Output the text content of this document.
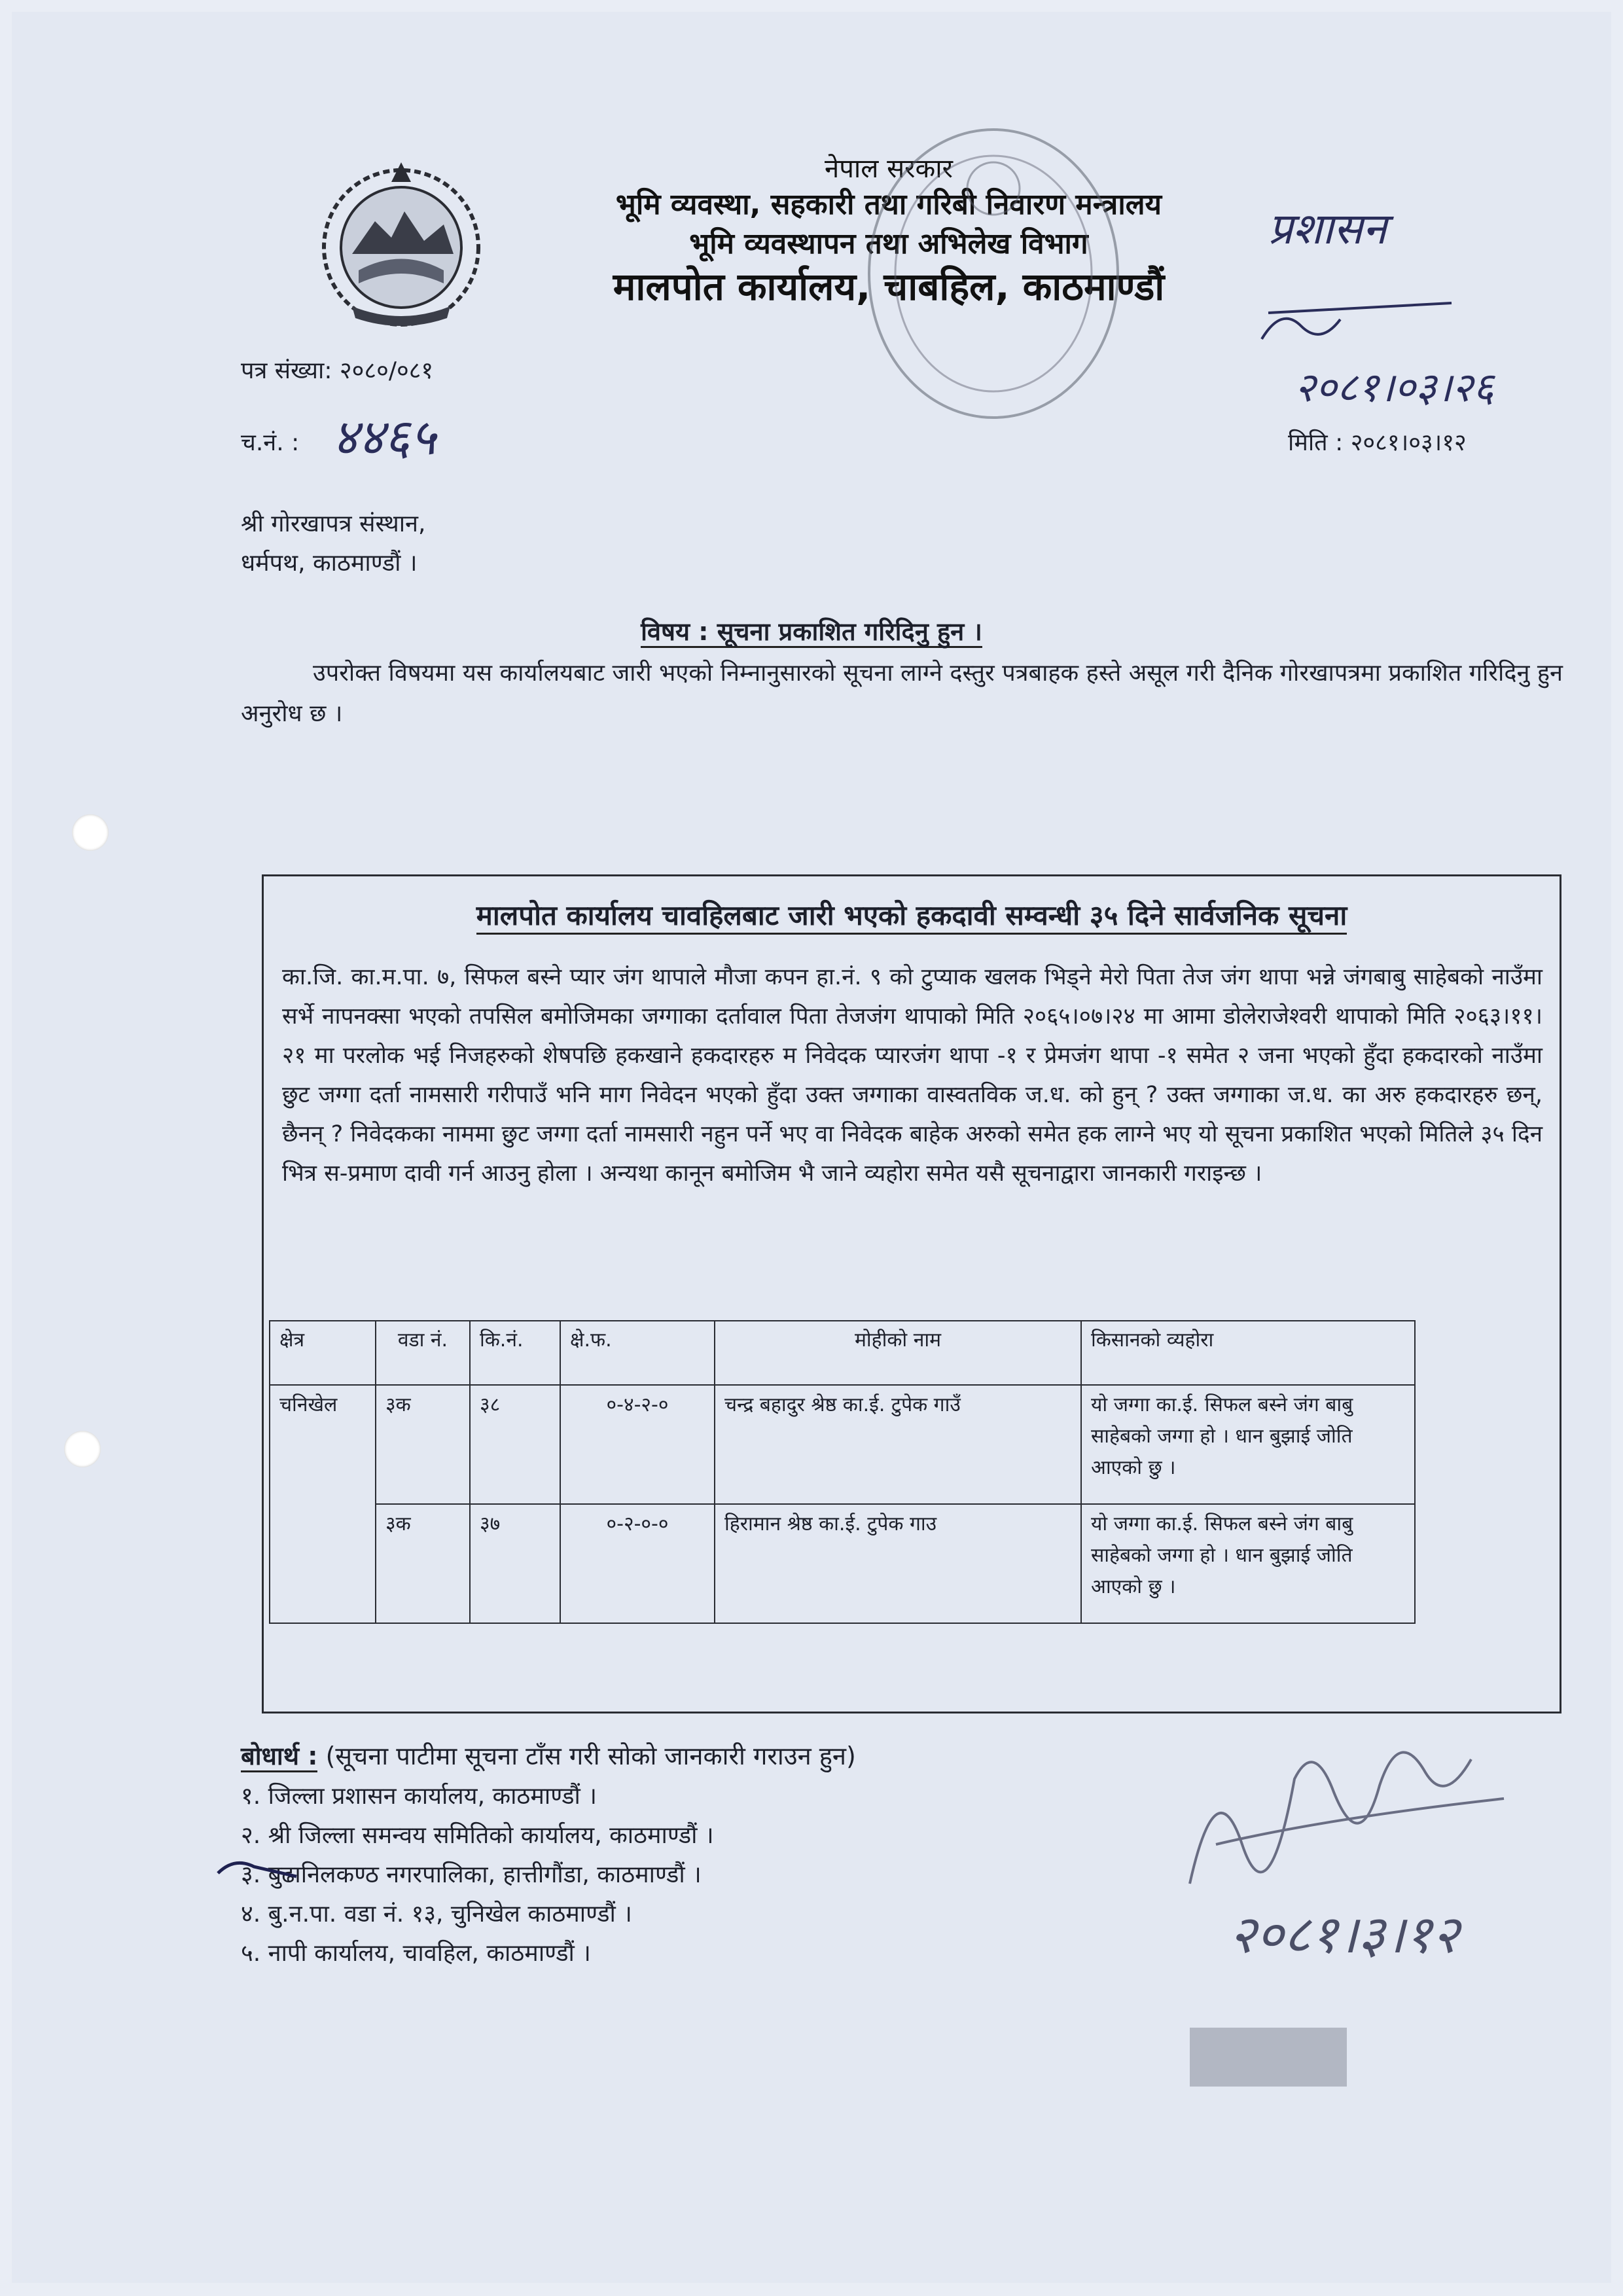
नेपाल सरकार
भूमि व्यवस्था, सहकारी तथा गरिबी निवारण मन्त्रालय
भूमि व्यवस्थापन तथा अभिलेख विभाग
मालपोत कार्यालय, चाबहिल, काठमाण्डौं
प्रशासन
२०८१।०३।२६
पत्र संख्या: २०८०/०८१
च.नं. : ४४६५	मिति : २०८१।०३।१२
श्री गोरखापत्र संस्थान,
धर्मपथ, काठमाण्डौं ।
विषय : सूचना प्रकाशित गरिदिनु हुन ।
उपरोक्त विषयमा यस कार्यालयबाट जारी भएको निम्नानुसारको सूचना लाग्ने दस्तुर पत्रबाहक हस्ते असूल गरी दैनिक गोरखापत्रमा प्रकाशित गरिदिनु हुन अनुरोध छ ।
मालपोत कार्यालय चावहिलबाट जारी भएको हकदावी सम्वन्धी ३५ दिने सार्वजनिक सूचना
का.जि. का.म.पा. ७, सिफल बस्ने प्यार जंग थापाले मौजा कपन हा.नं. ९ को टुप्याक खलक भिड्ने मेरो पिता तेज जंग थापा भन्ने जंगबाबु साहेबको नाउँमा सर्भे नापनक्सा भएको तपसिल बमोजिमका जग्गाका दर्तावाल पिता तेजजंग थापाको मिति २०६५।०७।२४ मा आमा डोलेराजेश्वरी थापाको मिति २०६३।११।२१ मा परलोक भई निजहरुको शेषपछि हकखाने हकदारहरु म निवेदक प्यारजंग थापा -१ र प्रेमजंग थापा -१ समेत २ जना भएको हुँदा हकदारको नाउँमा छुट जग्गा दर्ता नामसारी गरीपाउँ भनि माग निवेदन भएको हुँदा उक्त जग्गाका वास्वतविक ज.ध. को हुन् ? उक्त जग्गाका ज.ध. का अरु हकदारहरु छन्, छैनन् ? निवेदकका नाममा छुट जग्गा दर्ता नामसारी नहुन पर्ने भए वा निवेदक बाहेक अरुको समेत हक लाग्ने भए यो सूचना प्रकाशित भएको मितिले ३५ दिन भित्र स-प्रमाण दावी गर्न आउनु होला । अन्यथा कानून बमोजिम भै जाने व्यहोरा समेत यसै सूचनाद्वारा जानकारी गराइन्छ ।
क्षेत्र	वडा नं.	कि.नं.	क्षे.फ.	मोहीको नाम	किसानको व्यहोरा
चनिखेल	३क	३८	०-४-२-०	चन्द्र बहादुर श्रेष्ठ का.ई. टुपेक गाउँ	यो जग्गा का.ई. सिफल बस्ने जंग बाबु साहेबको जग्गा हो । धान बुझाई जोति आएको छु ।
	३क	३७	०-२-०-०	हिरामान श्रेष्ठ का.ई. टुपेक गाउ	यो जग्गा का.ई. सिफल बस्ने जंग बाबु साहेबको जग्गा हो । धान बुझाई जोति आएको छु ।
बोधार्थ : (सूचना पाटीमा सूचना टाँस गरी सोको जानकारी गराउन हुन)
१. जिल्ला प्रशासन कार्यालय, काठमाण्डौं ।
२. श्री जिल्ला समन्वय समितिको कार्यालय, काठमाण्डौं ।
३. बुढानिलकण्ठ नगरपालिका, हात्तीगौंडा, काठमाण्डौं ।
४. बु.न.पा. वडा नं. १३, चुनिखेल काठमाण्डौं ।
५. नापी कार्यालय, चावहिल, काठमाण्डौं ।	२०८१।३।१२
